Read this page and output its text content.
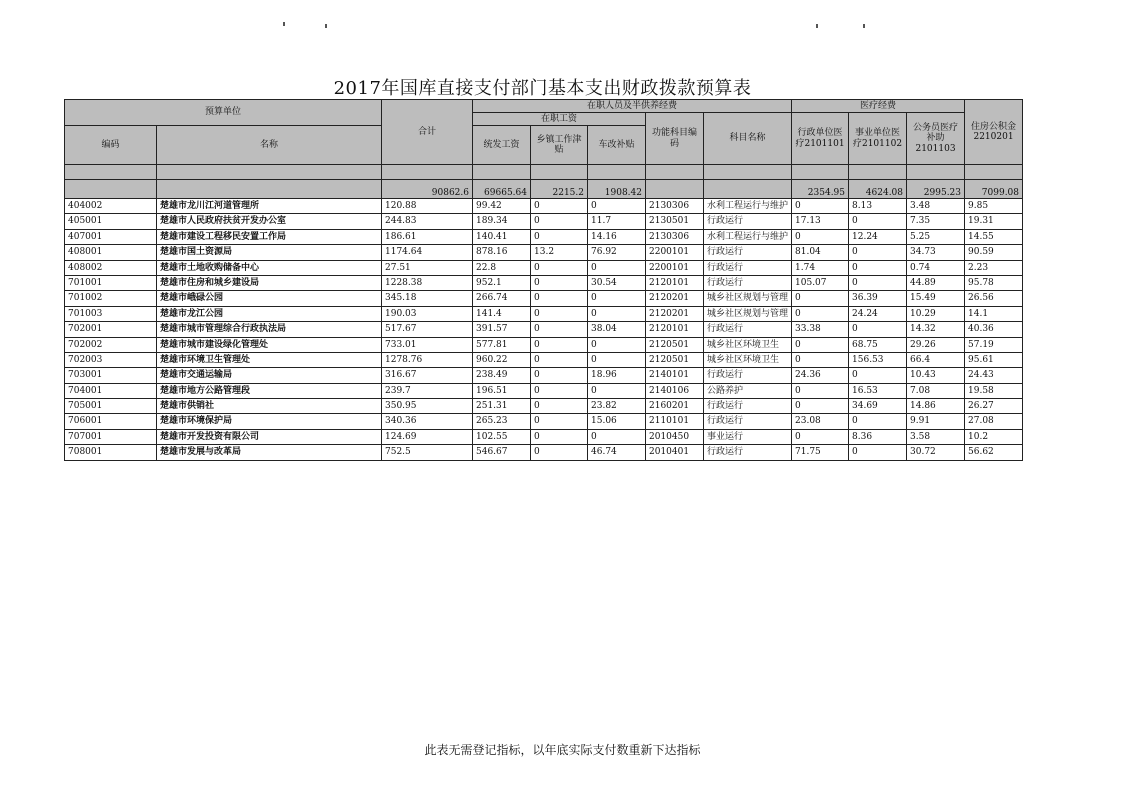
2017年国库直接支付部门基本支出财政拨款预算表
预算单位		合计	在职人员及半供养经费					医疗经费			住房公积金2210201
			在职工资			功能科目编码	科目名称	行政单位医疗2101101	事业单位医疗2101102	公务员医疗补助2101103	
编码	名称		统发工资	乡镇工作津贴	车改补贴						

		90862.6	69665.64	2215.2	1908.42			2354.95	4624.08	2995.23	7099.08
404002	楚雄市龙川江河道管理所	120.88	99.42	0	0	2130306	水利工程运行与维护	0	8.13	3.48	9.85
405001	楚雄市人民政府扶贫开发办公室	244.83	189.34	0	11.7	2130501	行政运行	17.13	0	7.35	19.31
407001	楚雄市建设工程移民安置工作局	186.61	140.41	0	14.16	2130306	水利工程运行与维护	0	12.24	5.25	14.55
408001	楚雄市国土资源局	1174.64	878.16	13.2	76.92	2200101	行政运行	81.04	0	34.73	90.59
408002	楚雄市土地收购储备中心	27.51	22.8	0	0	2200101	行政运行	1.74	0	0.74	2.23
701001	楚雄市住房和城乡建设局	1228.38	952.1	0	30.54	2120101	行政运行	105.07	0	44.89	95.78
701002	楚雄市峨碌公园	345.18	266.74	0	0	2120201	城乡社区规划与管理	0	36.39	15.49	26.56
701003	楚雄市龙江公园	190.03	141.4	0	0	2120201	城乡社区规划与管理	0	24.24	10.29	14.1
702001	楚雄市城市管理综合行政执法局	517.67	391.57	0	38.04	2120101	行政运行	33.38	0	14.32	40.36
702002	楚雄市城市建设绿化管理处	733.01	577.81	0	0	2120501	城乡社区环境卫生	0	68.75	29.26	57.19
702003	楚雄市环境卫生管理处	1278.76	960.22	0	0	2120501	城乡社区环境卫生	0	156.53	66.4	95.61
703001	楚雄市交通运输局	316.67	238.49	0	18.96	2140101	行政运行	24.36	0	10.43	24.43
704001	楚雄市地方公路管理段	239.7	196.51	0	0	2140106	公路养护	0	16.53	7.08	19.58
705001	楚雄市供销社	350.95	251.31	0	23.82	2160201	行政运行	0	34.69	14.86	26.27
706001	楚雄市环境保护局	340.36	265.23	0	15.06	2110101	行政运行	23.08	0	9.91	27.08
707001	楚雄市开发投资有限公司	124.69	102.55	0	0	2010450	事业运行	0	8.36	3.58	10.2
708001	楚雄市发展与改革局	752.5	546.67	0	46.74	2010401	行政运行	71.75	0	30.72	56.62
此表无需登记指标，以年底实际支付数重新下达指标
